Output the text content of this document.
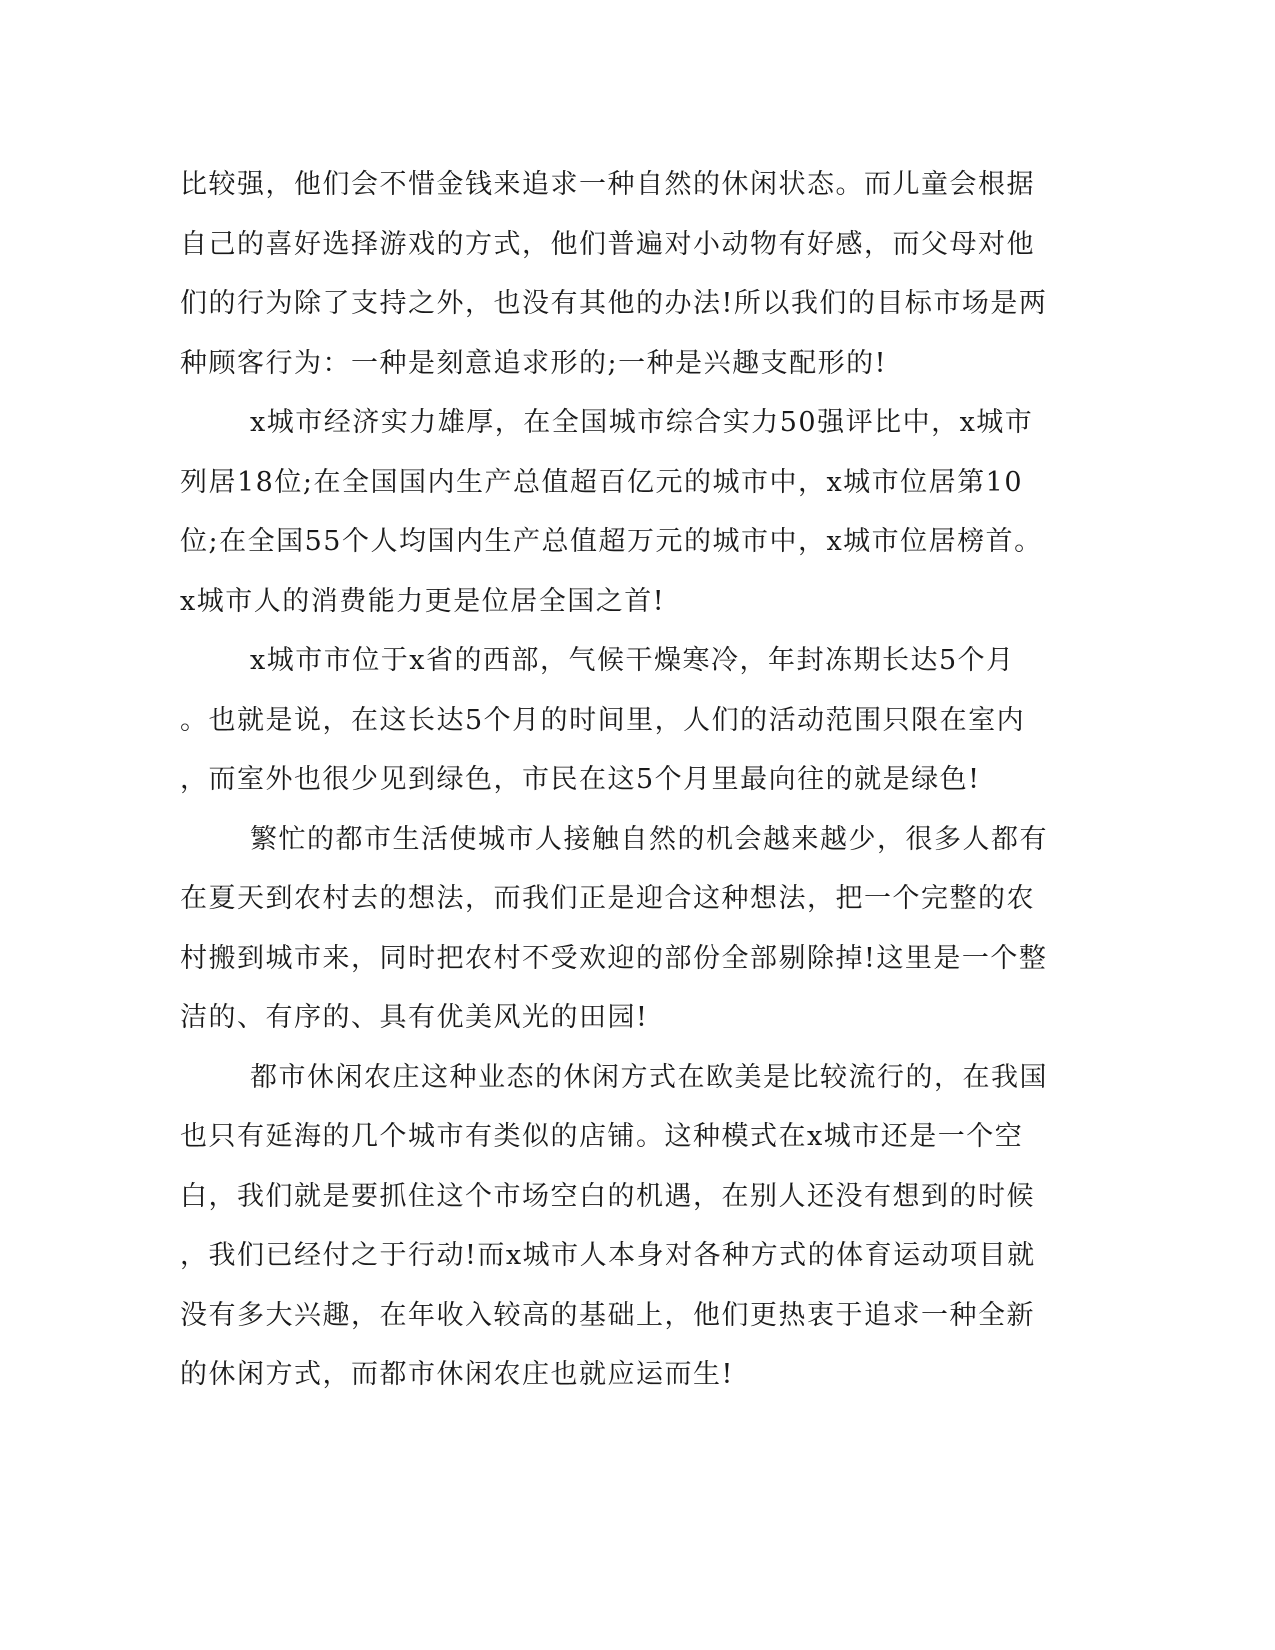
比较强，他们会不惜金钱来追求一种自然的休闲状态。而儿童会根据
自己的喜好选择游戏的方式，他们普遍对小动物有好感，而父母对他
们的行为除了支持之外，也没有其他的办法!所以我们的目标市场是两
种顾客行为：一种是刻意追求形的;一种是兴趣支配形的!
x城市经济实力雄厚，在全国城市综合实力50强评比中，x城市
列居18位;在全国国内生产总值超百亿元的城市中，x城市位居第10
位;在全国55个人均国内生产总值超万元的城市中，x城市位居榜首。
x城市人的消费能力更是位居全国之首!
x城市市位于x省的西部，气候干燥寒冷，年封冻期长达5个月
。也就是说，在这长达5个月的时间里，人们的活动范围只限在室内
，而室外也很少见到绿色，市民在这5个月里最向往的就是绿色!
繁忙的都市生活使城市人接触自然的机会越来越少，很多人都有
在夏天到农村去的想法，而我们正是迎合这种想法，把一个完整的农
村搬到城市来，同时把农村不受欢迎的部份全部剔除掉!这里是一个整
洁的、有序的、具有优美风光的田园!
都市休闲农庄这种业态的休闲方式在欧美是比较流行的，在我国
也只有延海的几个城市有类似的店铺。这种模式在x城市还是一个空
白，我们就是要抓住这个市场空白的机遇，在别人还没有想到的时候
，我们已经付之于行动!而x城市人本身对各种方式的体育运动项目就
没有多大兴趣，在年收入较高的基础上，他们更热衷于追求一种全新
的休闲方式，而都市休闲农庄也就应运而生!
